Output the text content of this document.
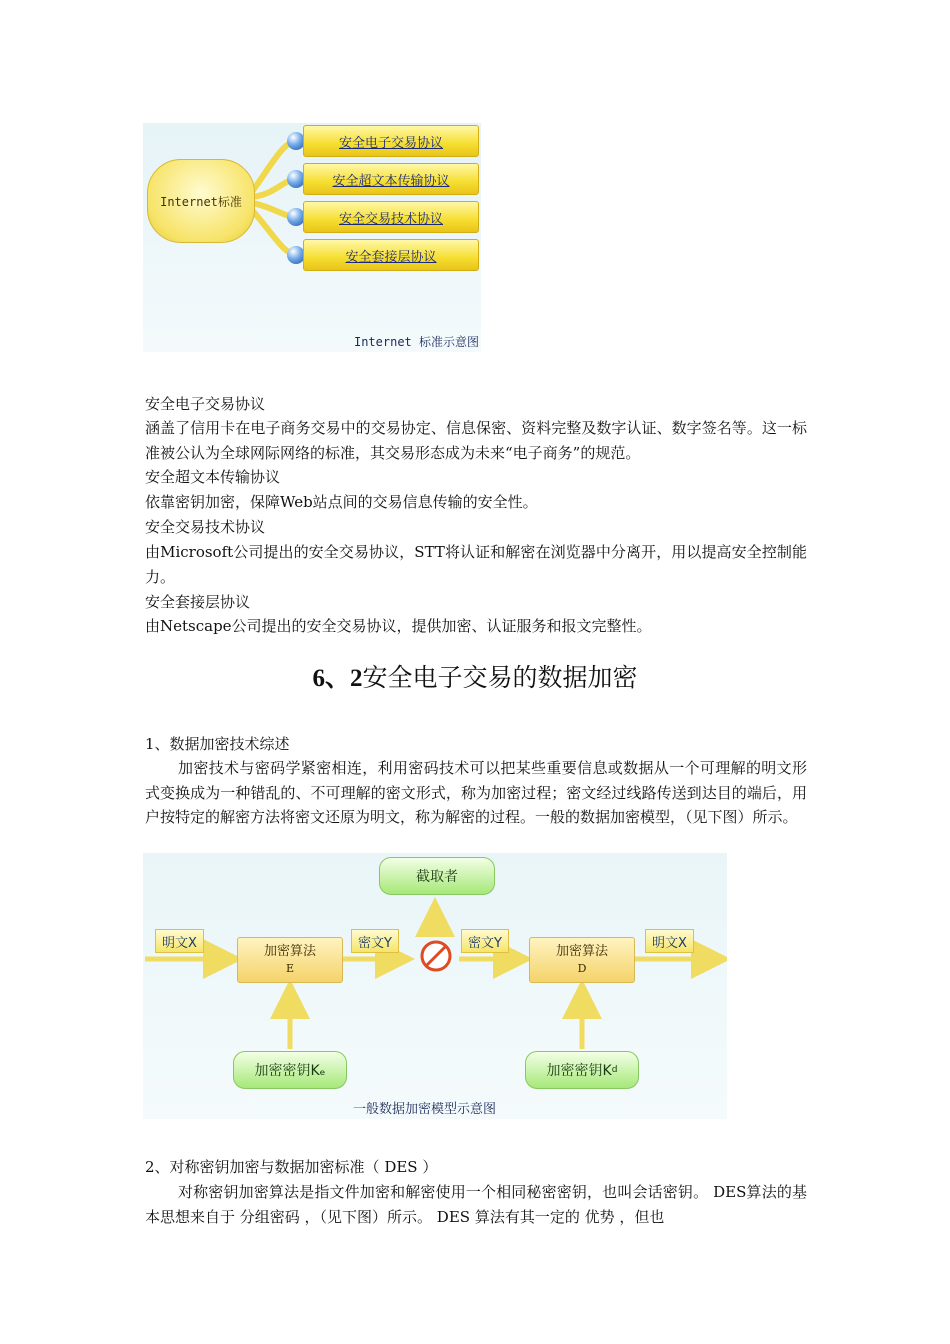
Internet标准
安全电子交易协议
安全超文本传输协议
安全交易技术协议
安全套接层协议
Internet 标准示意图
安全电子交易协议
涵盖了信用卡在电子商务交易中的交易协定、信息保密、资料完整及数字认证、数字签名等。这一标准被公认为全球网际网络的标准，其交易形态成为未来“电子商务”的规范。
安全超文本传输协议
依靠密钥加密，保障Web站点间的交易信息传输的安全性。
安全交易技术协议
由Microsoft公司提出的安全交易协议，STT将认证和解密在浏览器中分离开，用以提高安全控制能力。
安全套接层协议
由Netscape公司提出的安全交易协议，提供加密、认证服务和报文完整性。
6、2安全电子交易的数据加密
1、数据加密技术综述
加密技术与密码学紧密相连，利用密码技术可以把某些重要信息或数据从一个可理解的明文形式变换成为一种错乱的、不可理解的密文形式，称为加密过程；密文经过线路传送到达目的端后，用户按特定的解密方法将密文还原为明文，称为解密的过程。一般的数据加密模型，（见下图）所示。
截取者
明文X
加密算法
E
密文Y	密文Y
加密算法
D
明文X
加密密钥Kₑ	加密密钥K d
一般数据加密模型示意图
2、对称密钥加密与数据加密标准（ DES ）
对称密钥加密算法是指文件加密和解密使用一个相同秘密密钥，也叫会话密钥。 DES算法的基本思想来自于 分组密码 ，（见下图）所示。 DES 算法有其一定的 优势 ，但也
